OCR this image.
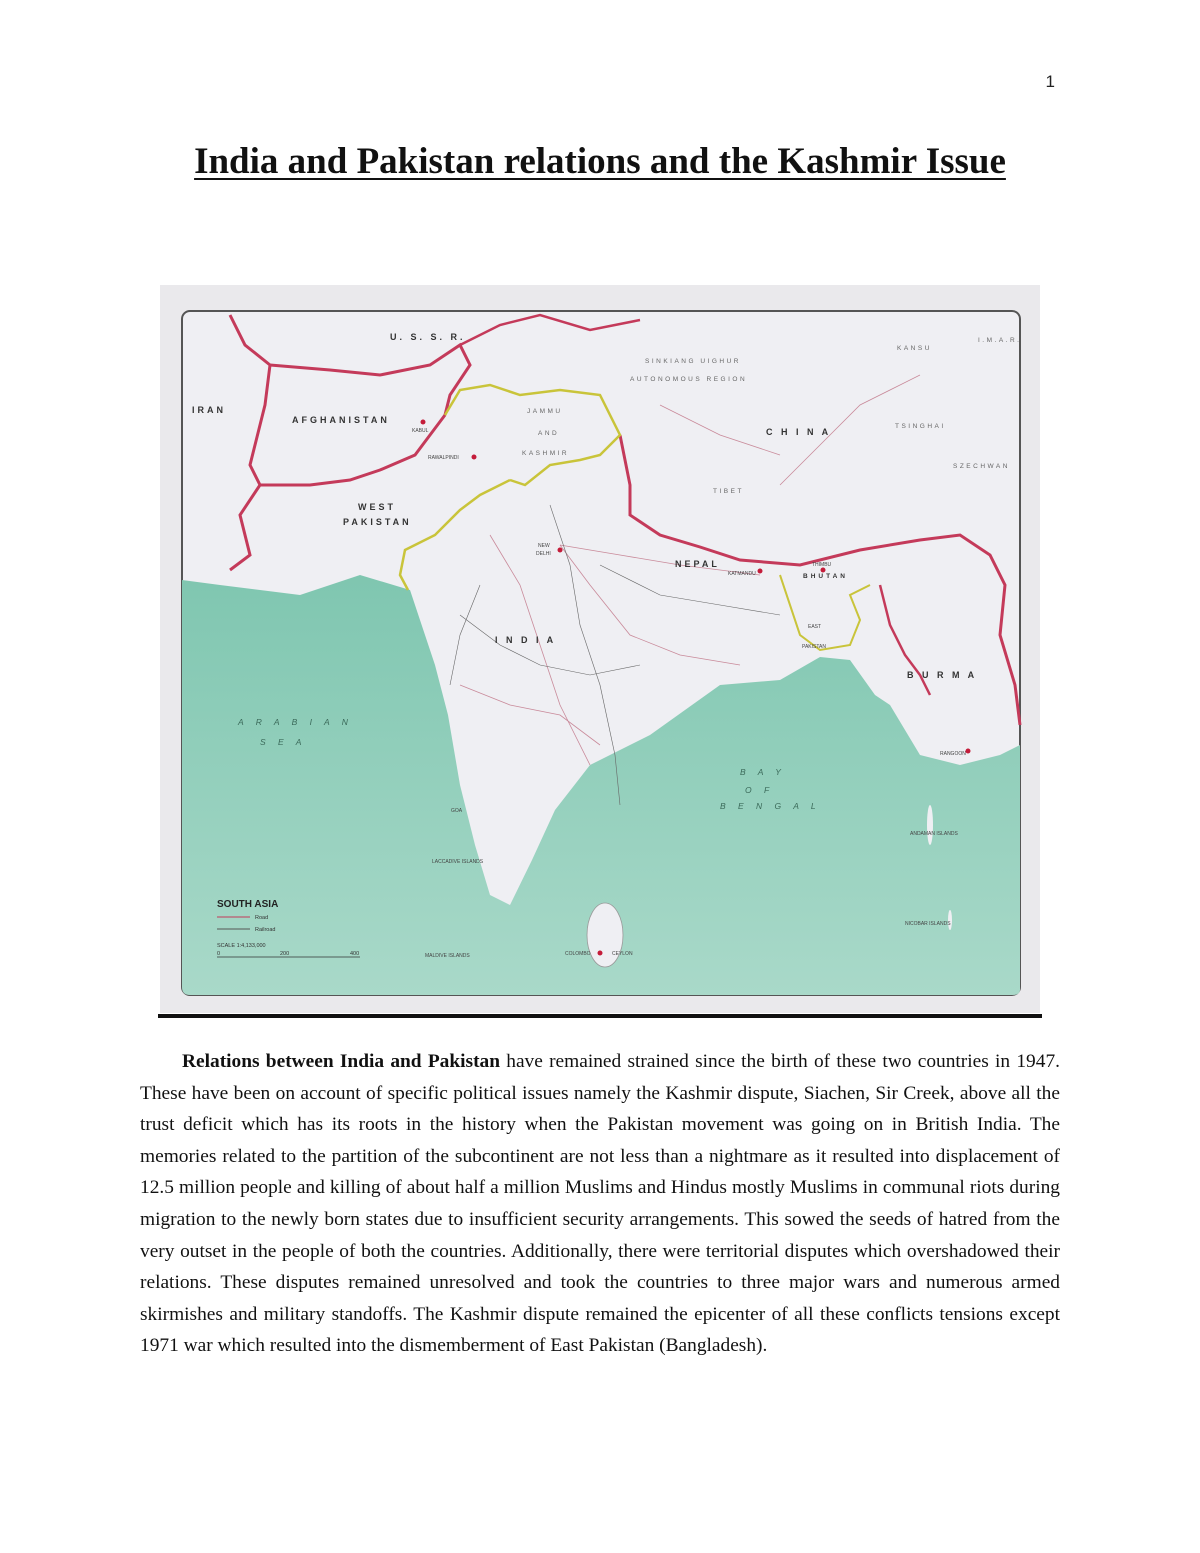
1
India and Pakistan relations and the Kashmir Issue
U. S. S. R.
IRAN
AFGHANISTAN
WEST
PAKISTAN
I N D I A
C H I N A
NEPAL
BHUTAN
EAST
PAKISTAN
B U R M A
CEYLON
SINKIANG UIGHUR
AUTONOMOUS REGION
JAMMU
AND
KASHMIR
TIBET
TSINGHAI
KANSU
SZECHWAN
I.M.A.R.
KABUL
RAWALPINDI
NEW
DELHI
KATMANDU
THIMBU
RANGOON
COLOMBO
GOA
A R A B I A N
S E A
B A Y
O F
B E N G A L
LACCADIVE ISLANDS
ANDAMAN ISLANDS
NICOBAR ISLANDS
MALDIVE ISLANDS
SOUTH ASIA
Road
Railroad
SCALE 1:4,133,000
0	200	400

Relations between India and Pakistan have remained strained since the birth of these two countries in 1947. These have been on account of specific political issues namely the Kashmir dispute, Siachen, Sir Creek, above all the trust deficit which has its roots in the history when the Pakistan movement was going on in British India. The memories related to the partition of the subcontinent are not less than a nightmare as it resulted into displacement of 12.5 million people and killing of about half a million Muslims and Hindus mostly Muslims in communal riots during migration to the newly born states due to insufficient security arrangements. This sowed the seeds of hatred from the very outset in the people of both the countries. Additionally, there were territorial disputes which overshadowed their relations. These disputes remained unresolved and took the countries to three major wars and numerous armed skirmishes and military standoffs. The Kashmir dispute remained the epicenter of all these conflicts tensions except 1971 war which resulted into the dismemberment of East Pakistan (Bangladesh).
